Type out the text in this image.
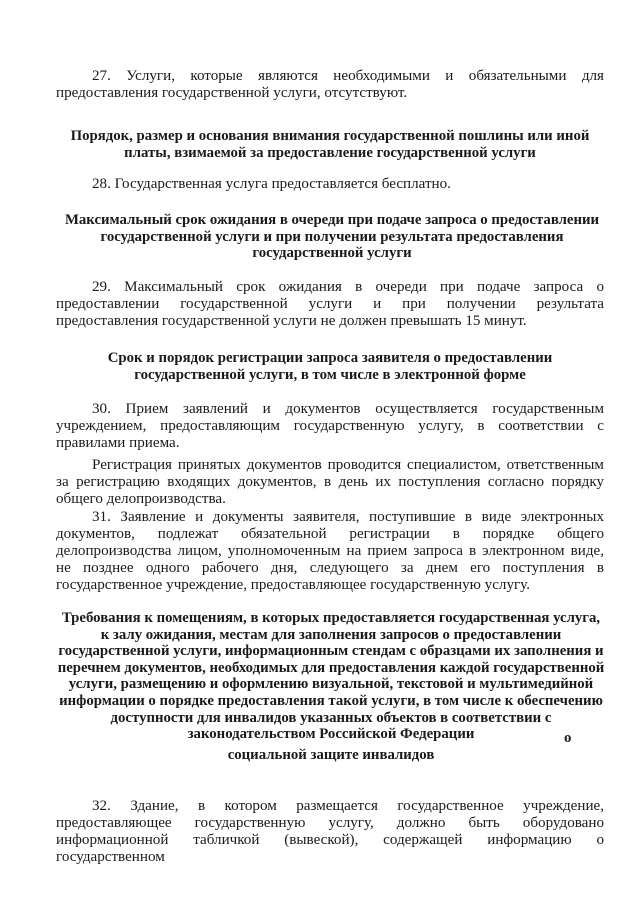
27. Услуги, которые являются необходимыми и обязательными для предоставления государственной услуги, отсутствуют.

Порядок, размер и основания внимания государственной пошлины или иной платы, взимаемой за предоставление государственной услуги

28. Государственная услуга предоставляется бесплатно.

Максимальный срок ожидания в очереди при подаче запроса о предоставлении государственной услуги и при получении результата предоставления государственной услуги

29. Максимальный срок ожидания в очереди при подаче запроса о предоставлении государственной услуги и при получении результата предоставления государственной услуги не должен превышать 15 минут.

Срок и порядок регистрации запроса заявителя о предоставлении государственной услуги, в том числе в электронной форме

30. Прием заявлений и документов осуществляется государственным учреждением, предоставляющим государственную услугу, в соответствии с правилами приема.

Регистрация принятых документов проводится специалистом, ответственным за регистрацию входящих документов, в день их поступления согласно порядку общего делопроизводства.

31. Заявление и документы заявителя, поступившие в виде электронных документов, подлежат обязательной регистрации в порядке общего делопроизводства лицом, уполномоченным на прием запроса в электронном виде, не позднее одного рабочего дня, следующего за днем его поступления в государственное учреждение, предоставляющее государственную услугу.

Требования к помещениям, в которых предоставляется государственная услуга, к залу ожидания, местам для заполнения запросов о предоставлении государственной услуги, информационным стендам с образцами их заполнения и перечнем документов, необходимых для предоставления каждой государственной услуги, размещению и оформлению визуальной, текстовой и мультимедийной информации о порядке предоставления такой услуги, в том числе к обеспечению доступности для инвалидов указанных объектов в соответствии с законодательством Российской Федерации

социальной защите инвалидов
о

32. Здание, в котором размещается государственное учреждение, предоставляющее государственную услугу, должно быть оборудовано информационной табличкой (вывеской), содержащей информацию о государственном
